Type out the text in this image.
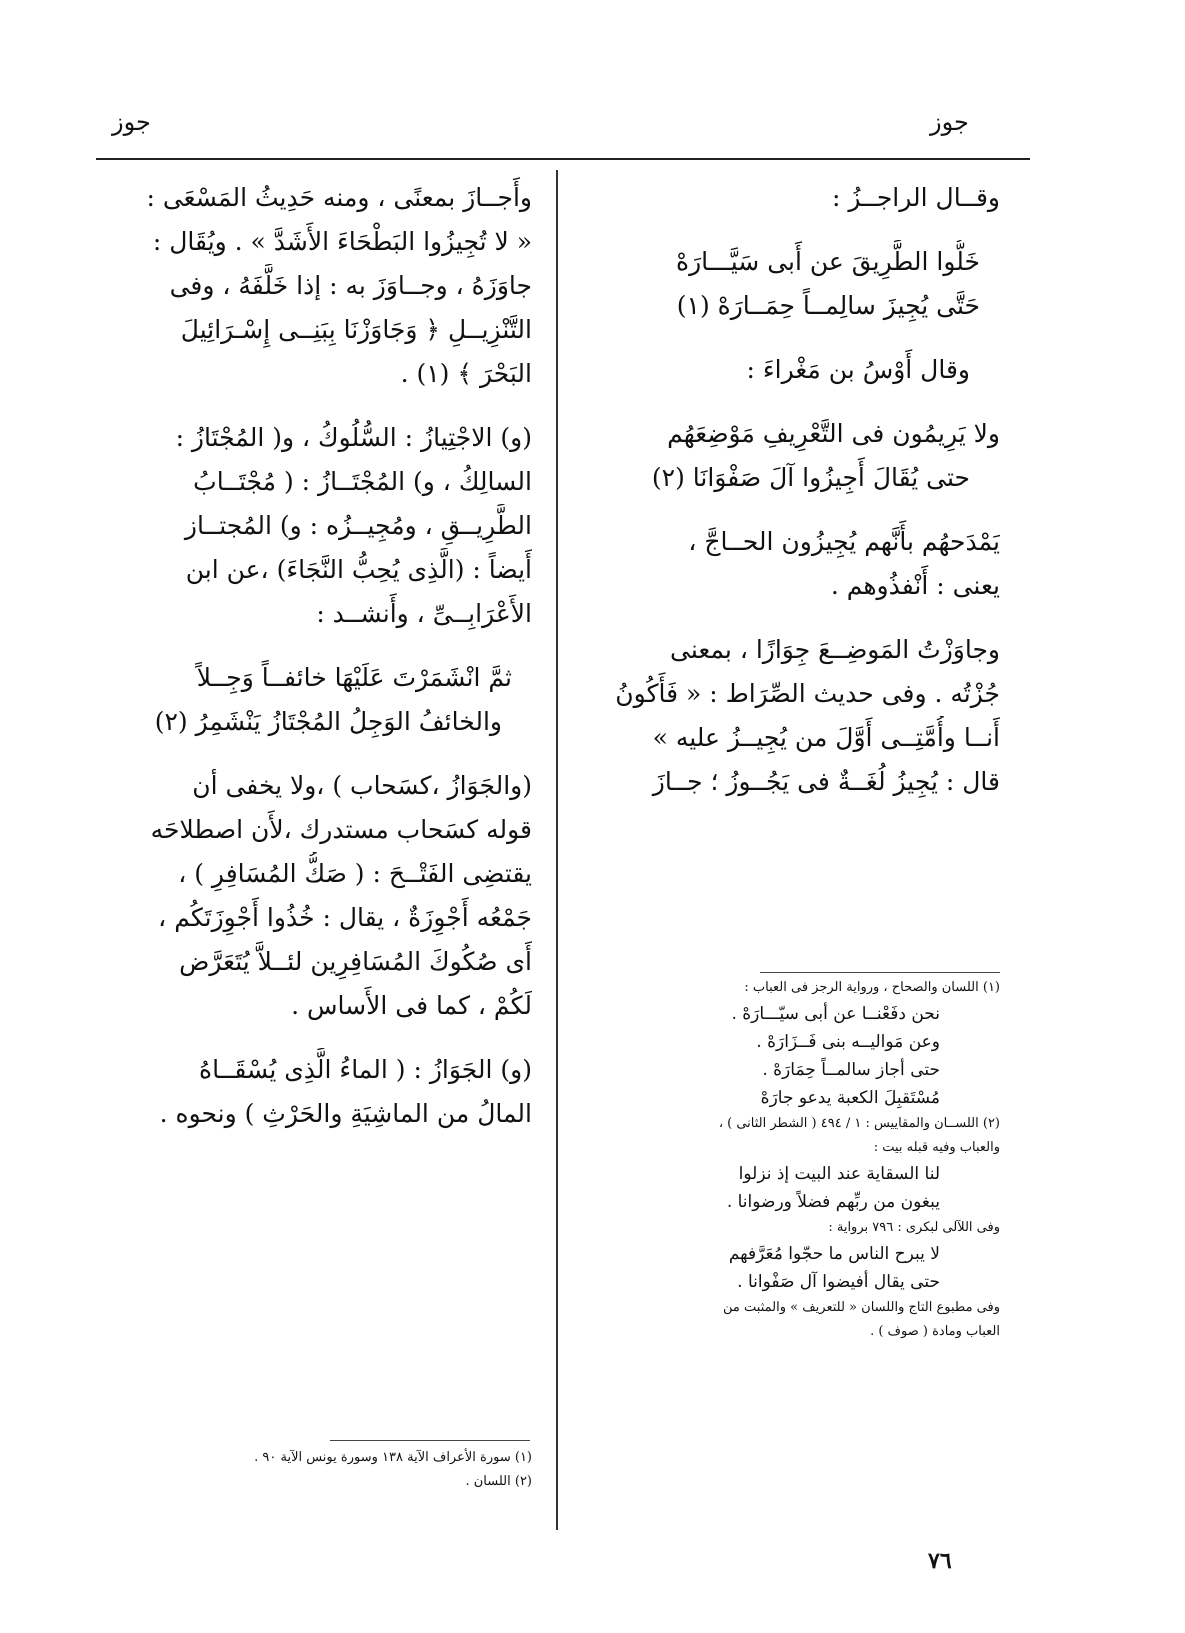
جوز
جوز
وقــال الراجــزُ :
خَلُّوا الطَّرِيقَ عن أَبى سَيَّـــارَهْ
حَتَّى يُجِيزَ سالِمــاً حِمَــارَهْ (١)
وقال أَوْسُ بن مَغْراءَ :
ولا يَرِيمُون فى التَّعْرِيفِ مَوْضِعَهُم
حتى يُقَالَ أَجِيزُوا آلَ صَفْوَانَا (٢)
يَمْدَحهُم بأَنَّهم يُجِيزُون الحــاجَّ ،
يعنى : أَنْفذُوهم .
وجاوَزْتُ المَوضِــعَ جِوَازًا ، بمعنى
جُزْتُه . وفى حديث الصِّرَاط : « فَأَكُونُ
أَنــا وأُمَّتِــى أَوَّلَ من يُجِيــزُ عليه »
قال : يُجِيزُ لُغَــةٌ فى يَجُــوزُ ؛ جــازَ
(١) اللسان والصحاح ، ورواية الرجز فى العباب :
نحن دفَعْنــا عن أبى سيّـــارَهْ .
وعن مَواليــه بنى فَــزَارَهْ .
حتى أجاز سالمــاً حِمَارَهْ .
مُسْتَقبِلَ الكعبة يدعو جارَهْ
(٢) اللســان والمقاييس : ١ / ٤٩٤ ( الشطر الثانى ) ،
والعباب وفيه قبله بيت :
لنا السقاية عند البيت إذ نزلوا
يبغون من ربِّهم فضلاً ورضوانا .
وفى اللآلى لبكرى : ٧٩٦ برواية :
لا يبرح الناس ما حجّوا مُعَرَّفهم
حتى يقال أفيضوا آل صَفْوانا .
وفى مطبوع التاج واللسان « للتعريف » والمثبت من
العباب ومادة ( صوف ) .
وأَجــازَ بمعنًى ، ومنه حَدِيثُ المَسْعَى :
« لا تُجِيزُوا البَطْحَاءَ الأَشَدَّ » . ويُقَال :
جاوَزَهُ ، وجــاوَزَ به : إذا خَلَّفَهُ ، وفى
التَّنْزِيــلِ ﴿ وَجَاوَزْنَا بِبَنِــى إِسْـرَائِيلَ
البَحْرَ ﴾ (١) .
(و) الاجْتِيازُ : السُّلُوكُ ، و( المُجْتَازُ :
السالِكُ ، و) المُجْتَــازُ : ( مُجْتَــابُ
الطَّرِيــقِ ، ومُجِيــزُه : و) المُجتــاز
أَيضاً : (الَّذِى يُحِبُّ النَّجَاءَ) ،عن ابن
الأَعْرَابِــىِّ ، وأَنشــد :
ثمَّ انْشَمَرْتَ عَلَيْهَا خائفــاً وَجِــلاً
والخائفُ الوَجِلُ المُجْتَازُ يَنْشَمِرُ (٢)
(والجَوَازُ ،كسَحاب ) ،ولا يخفى أن
قوله كسَحاب مستدرك ،لأَن اصطلاحَه
يقتضِى الفَتْــحَ : ( صَكُّ المُسَافِرِ ) ،
جَمْعُه أَجْوِزَةٌ ، يقال : خُذُوا أَجْوِزَتَكُم ،
أَى صُكُوكَ المُسَافِرِين لئــلاَّ يُتَعَرَّض
لَكُمْ ، كما فى الأَساس .
(و) الجَوَازُ : ( الماءُ الَّذِى يُسْقَــاهُ
المالُ من الماشِيَةِ والحَرْثِ ) ونحوه .
(١) سورة الأعراف الآية ١٣٨ وسورة يونس الآية ٩٠ .
(٢) اللسان .
٧٦
